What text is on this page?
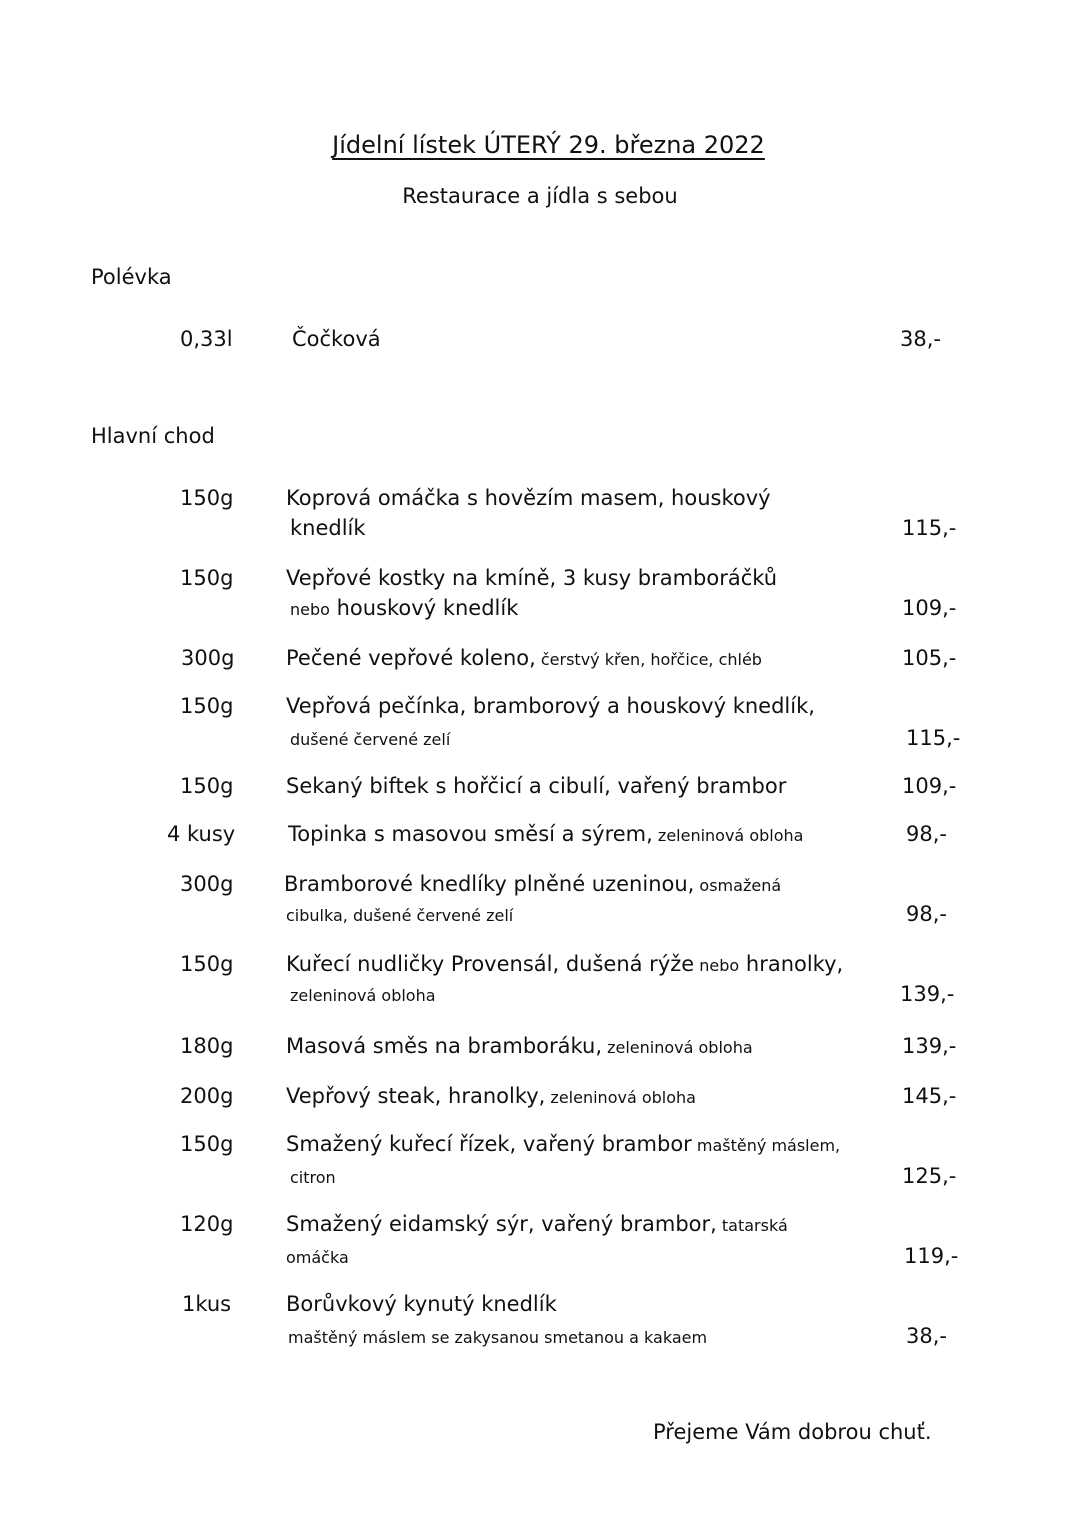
Jídelní lístek ÚTERÝ 29. března 2022
Restaurace a jídla s sebou
Polévka
0,33l	Čočková	38,-
Hlavní chod
150g	Koprová omáčka s hovězím masem, houskový
knedlík	115,-
150g	Vepřové kostky na kmíně, 3 kusy bramboráčků
nebo houskový knedlík	109,-
300g Pečené vepřové koleno, čerstvý křen, hořčice, chléb	105,-
150g	Vepřová pečínka, bramborový a houskový knedlík,
dušené červené zelí	115,-
150g	Sekaný biftek s hořčicí a cibulí, vařený brambor	109,-
4 kusy	Topinka s masovou směsí a sýrem, zeleninová obloha	98,-
300g Bramborové knedlíky plněné uzeninou, osmažená
cibulka, dušené červené zelí	98,-
150g	Kuřecí nudličky Provensál, dušená rýže nebo hranolky,
zeleninová obloha	139,-
180g	Masová směs na bramboráku, zeleninová obloha	139,-
200g	Vepřový steak, hranolky, zeleninová obloha	145,-
150g	Smažený kuřecí řízek, vařený brambor maštěný máslem,
citron	125,-
120g	Smažený eidamský sýr, vařený brambor, tatarská
omáčka	119,-
1kus	Borůvkový kynutý knedlík
maštěný máslem se zakysanou smetanou a kakaem	38,-
Přejeme Vám dobrou chuť.
